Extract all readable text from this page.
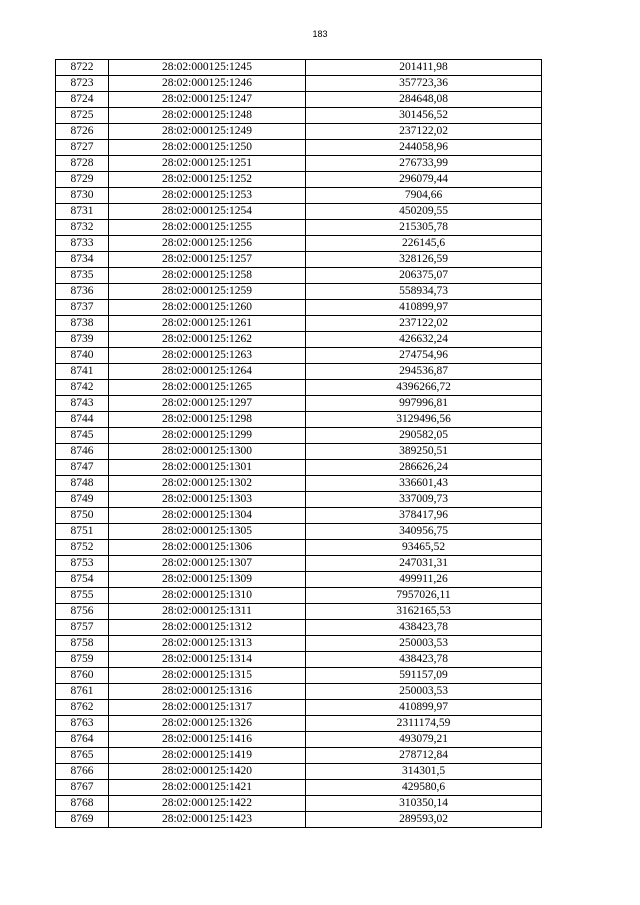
183
8722	28:02:000125:1245	201411,98
8723	28:02:000125:1246	357723,36
8724	28:02:000125:1247	284648,08
8725	28:02:000125:1248	301456,52
8726	28:02:000125:1249	237122,02
8727	28:02:000125:1250	244058,96
8728	28:02:000125:1251	276733,99
8729	28:02:000125:1252	296079,44
8730	28:02:000125:1253	7904,66
8731	28:02:000125:1254	450209,55
8732	28:02:000125:1255	215305,78
8733	28:02:000125:1256	226145,6
8734	28:02:000125:1257	328126,59
8735	28:02:000125:1258	206375,07
8736	28:02:000125:1259	558934,73
8737	28:02:000125:1260	410899,97
8738	28:02:000125:1261	237122,02
8739	28:02:000125:1262	426632,24
8740	28:02:000125:1263	274754,96
8741	28:02:000125:1264	294536,87
8742	28:02:000125:1265	4396266,72
8743	28:02:000125:1297	997996,81
8744	28:02:000125:1298	3129496,56
8745	28:02:000125:1299	290582,05
8746	28:02:000125:1300	389250,51
8747	28:02:000125:1301	286626,24
8748	28:02:000125:1302	336601,43
8749	28:02:000125:1303	337009,73
8750	28:02:000125:1304	378417,96
8751	28:02:000125:1305	340956,75
8752	28:02:000125:1306	93465,52
8753	28:02:000125:1307	247031,31
8754	28:02:000125:1309	499911,26
8755	28:02:000125:1310	7957026,11
8756	28:02:000125:1311	3162165,53
8757	28:02:000125:1312	438423,78
8758	28:02:000125:1313	250003,53
8759	28:02:000125:1314	438423,78
8760	28:02:000125:1315	591157,09
8761	28:02:000125:1316	250003,53
8762	28:02:000125:1317	410899,97
8763	28:02:000125:1326	2311174,59
8764	28:02:000125:1416	493079,21
8765	28:02:000125:1419	278712,84
8766	28:02:000125:1420	314301,5
8767	28:02:000125:1421	429580,6
8768	28:02:000125:1422	310350,14
8769	28:02:000125:1423	289593,02
